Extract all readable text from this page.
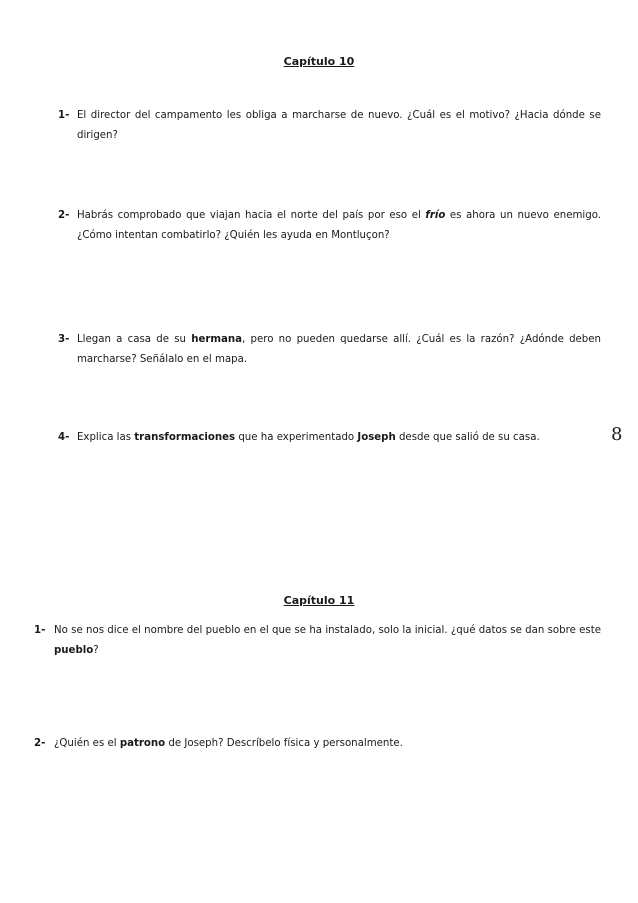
Capítulo 10
1- El director del campamento les obliga a marcharse de nuevo. ¿Cuál es el motivo? ¿Hacia dónde se dirigen?
2- Habrás comprobado que viajan hacia el norte del país por eso el frío es ahora un nuevo enemigo. ¿Cómo intentan combatirlo? ¿Quién les ayuda en Montluçon?
3- Llegan a casa de su hermana, pero no pueden quedarse allí. ¿Cuál es la razón? ¿Adónde deben marcharse? Señálalo en el mapa.
4- Explica las transformaciones que ha experimentado Joseph desde que salió de su casa.	8
Capítulo 11
1- No se nos dice el nombre del pueblo en el que se ha instalado, solo la inicial. ¿qué datos se dan sobre este pueblo?
2- ¿Quién es el patrono de Joseph? Descríbelo física y personalmente.
